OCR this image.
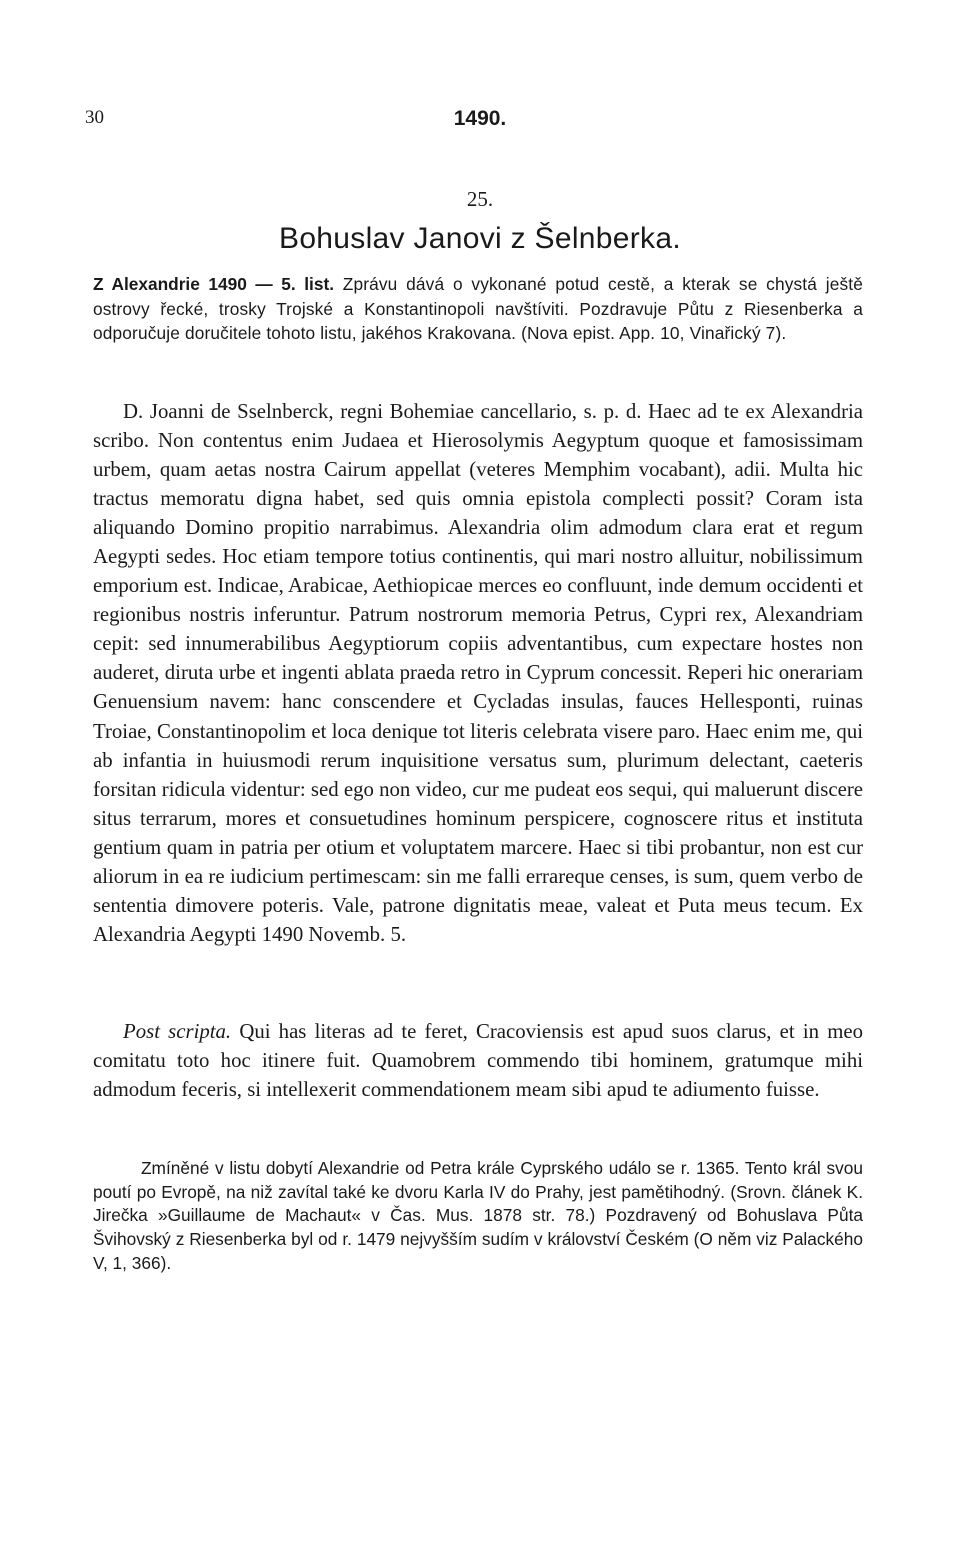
30	1490.
25.
Bohuslav Janovi z Šelnberka.
Z Alexandrie 1490 — 5. list. Zprávu dává o vykonané potud cestě, a kterak se chystá ještě ostrovy řecké, trosky Trojské a Konstantinopoli navštíviti. Pozdravuje Půtu z Riesenberka a odporučuje doručitele tohoto listu, jakéhos Krakovana. (Nova epist. App. 10, Vinařický 7).

D. Joanni de Sselnberck, regni Bohemiae cancellario, s. p. d. Haec ad te ex Alexandria scribo. Non contentus enim Judaea et Hierosolymis Aegyptum quoque et famosissimam urbem, quam aetas nostra Cairum appellat (veteres Memphim vocabant), adii. Multa hic tractus memoratu digna habet, sed quis omnia epistola complecti possit? Coram ista aliquando Domino propitio narrabimus. Alexandria olim admodum clara erat et regum Aegypti sedes. Hoc etiam tempore totius continentis, qui mari nostro alluitur, nobilissimum emporium est. Indicae, Arabicae, Aethiopicae merces eo confluunt, inde demum occidenti et regionibus nostris inferuntur. Patrum nostrorum memoria Petrus, Cypri rex, Alexandriam cepit: sed innumerabilibus Aegyptiorum copiis adventantibus, cum expectare hostes non auderet, diruta urbe et ingenti ablata praeda retro in Cyprum concessit. Reperi hic onerariam Genuensium navem: hanc conscendere et Cycladas insulas, fauces Hellesponti, ruinas Troiae, Constantinopolim et loca denique tot literis celebrata visere paro. Haec enim me, qui ab infantia in huiusmodi rerum inquisitione versatus sum, plurimum delectant, caeteris forsitan ridicula videntur: sed ego non video, cur me pudeat eos sequi, qui maluerunt discere situs terrarum, mores et consuetudines hominum perspicere, cognoscere ritus et instituta gentium quam in patria per otium et voluptatem marcere. Haec si tibi probantur, non est cur aliorum in ea re iudicium pertimescam: sin me falli errareque censes, is sum, quem verbo de sententia dimovere poteris. Vale, patrone dignitatis meae, valeat et Puta meus tecum. Ex Alexandria Aegypti 1490 Novemb. 5.

Post scripta. Qui has literas ad te feret, Cracoviensis est apud suos clarus, et in meo comitatu toto hoc itinere fuit. Quamobrem commendo tibi hominem, gratumque mihi admodum feceris, si intellexerit commendationem meam sibi apud te adiumento fuisse.

Zmíněné v listu dobytí Alexandrie od Petra krále Cyprského událo se r. 1365. Tento král svou poutí po Evropě, na niž zavítal také ke dvoru Karla IV do Prahy, jest pamětihodný. (Srovn. článek K. Jirečka »Guillaume de Machaut« v Čas. Mus. 1878 str. 78.) Pozdravený od Bohuslava Půta Švihovský z Riesenberka byl od r. 1479 nejvyšším sudím v království Českém (O něm viz Palackého V, 1, 366).
